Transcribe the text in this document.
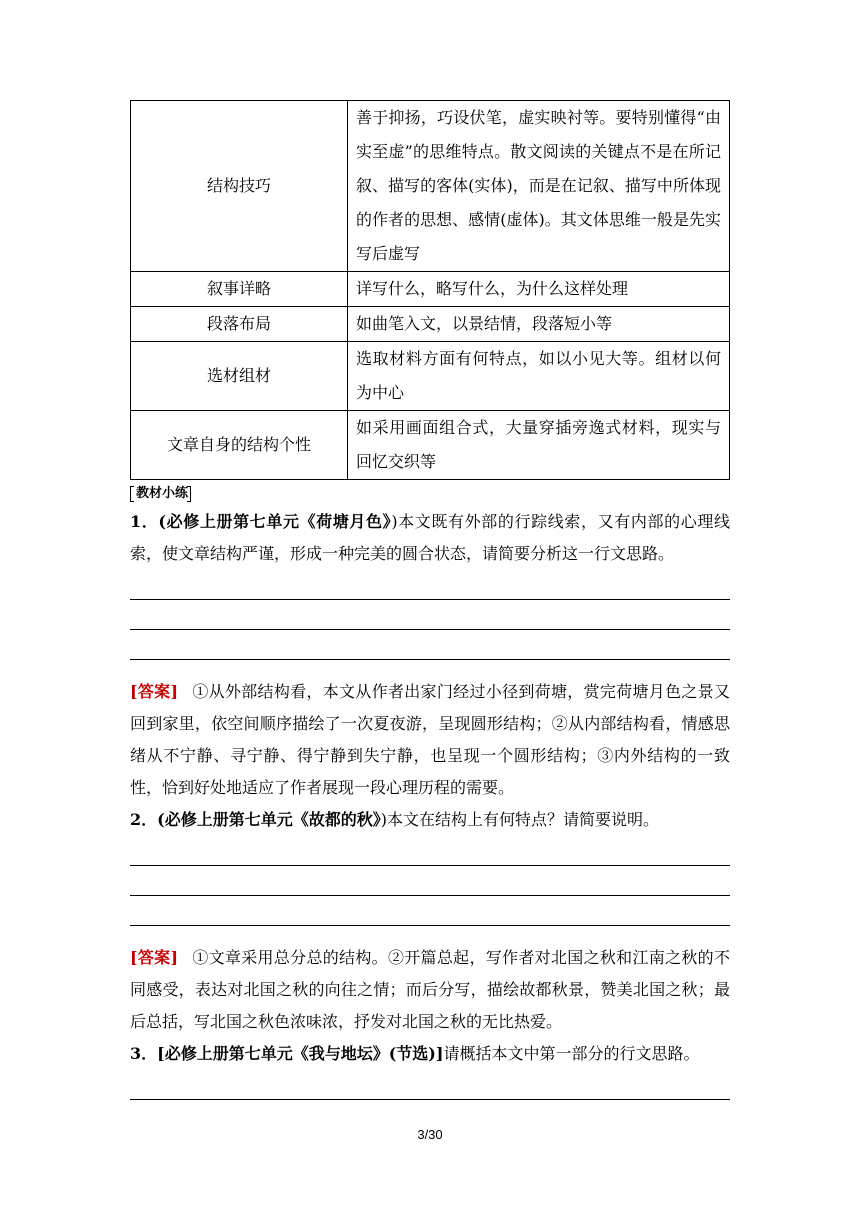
结构技巧	善于抑扬，巧设伏笔，虚实映衬等。要特别懂得“由实至虚”的思维特点。散文阅读的关键点不是在所记叙、描写的客体(实体)，而是在记叙、描写中所体现的作者的思想、感情(虚体)。其文体思维一般是先实写后虚写
叙事详略	详写什么，略写什么，为什么这样处理
段落布局	如曲笔入文，以景结情，段落短小等
选材组材	选取材料方面有何特点，如以小见大等。组材以何为中心
文章自身的结构个性	如采用画面组合式，大量穿插旁逸式材料，现实与回忆交织等
教材小练

1．(必修上册第七单元《荷塘月色》)本文既有外部的行踪线索，又有内部的心理线索，使文章结构严谨，形成一种完美的圆合状态，请简要分析这一行文思路。

[答案] ①从外部结构看，本文从作者出家门经过小径到荷塘，赏完荷塘月色之景又回到家里，依空间顺序描绘了一次夏夜游，呈现圆形结构；②从内部结构看，情感思绪从不宁静、寻宁静、得宁静到失宁静，也呈现一个圆形结构；③内外结构的一致性，恰到好处地适应了作者展现一段心理历程的需要。

2．(必修上册第七单元《故都的秋》)本文在结构上有何特点？请简要说明。

[答案] ①文章采用总分总的结构。②开篇总起，写作者对北国之秋和江南之秋的不同感受，表达对北国之秋的向往之情；而后分写，描绘故都秋景，赞美北国之秋；最后总括，写北国之秋色浓味浓，抒发对北国之秋的无比热爱。

3．[必修上册第七单元《我与地坛》(节选)]请概括本文中第一部分的行文思路。

3/30
